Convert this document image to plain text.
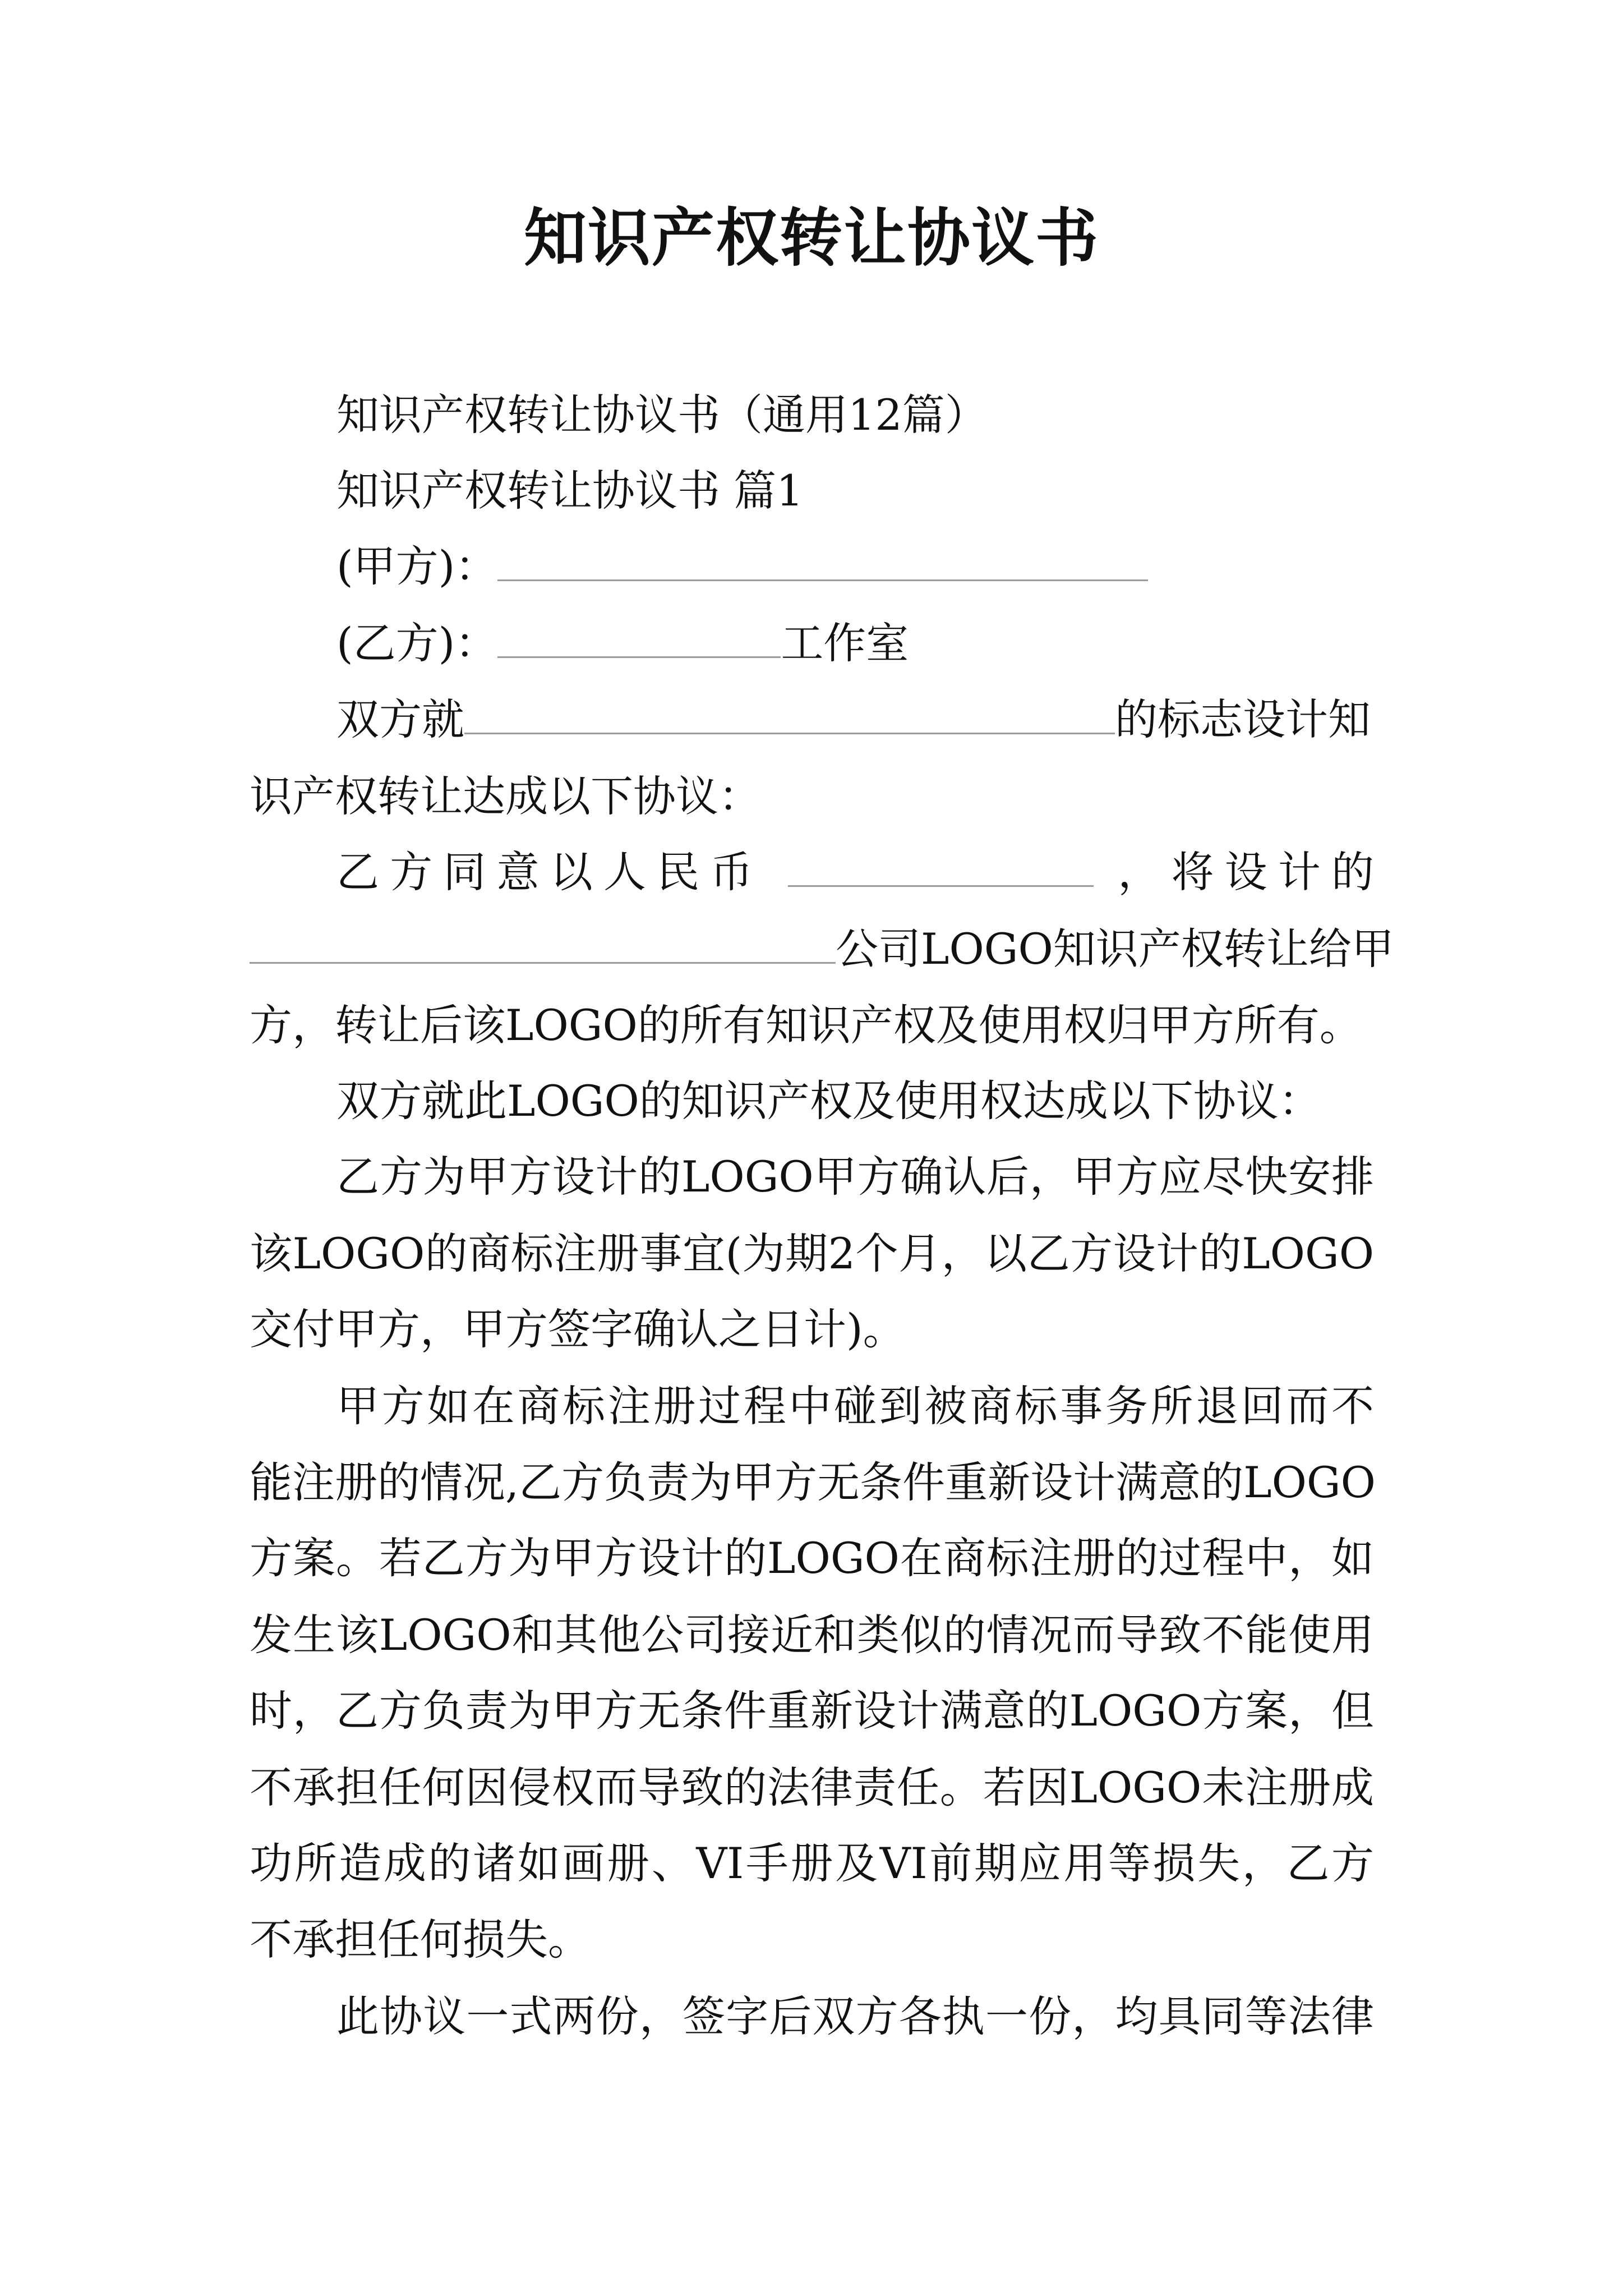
知识产权转让协议书
知识产权转让协议书（通用12篇）
知识产权转让协议书 篇1
(甲方)：
(乙方)：	工作室
双方就	的标志设计知
识产权转让达成以下协议：
乙方同意以人民币	，将设计的
公司LOGO知识产权转让给甲
方，转让后该LOGO的所有知识产权及使用权归甲方所有。
双方就此LOGO的知识产权及使用权达成以下协议：
乙方为甲方设计的LOGO甲方确认后，甲方应尽快安排
该LOGO的商标注册事宜(为期2个月，以乙方设计的LOGO
交付甲方，甲方签字确认之日计)。
甲方如在商标注册过程中碰到被商标事务所退回而不
能注册的情况,乙方负责为甲方无条件重新设计满意的LOGO
方案。若乙方为甲方设计的LOGO在商标注册的过程中，如
发生该LOGO和其他公司接近和类似的情况而导致不能使用
时，乙方负责为甲方无条件重新设计满意的LOGO方案，但
不承担任何因侵权而导致的法律责任。若因LOGO未注册成
功所造成的诸如画册、VI手册及VI前期应用等损失，乙方
不承担任何损失。
此协议一式两份，签字后双方各执一份，均具同等法律
